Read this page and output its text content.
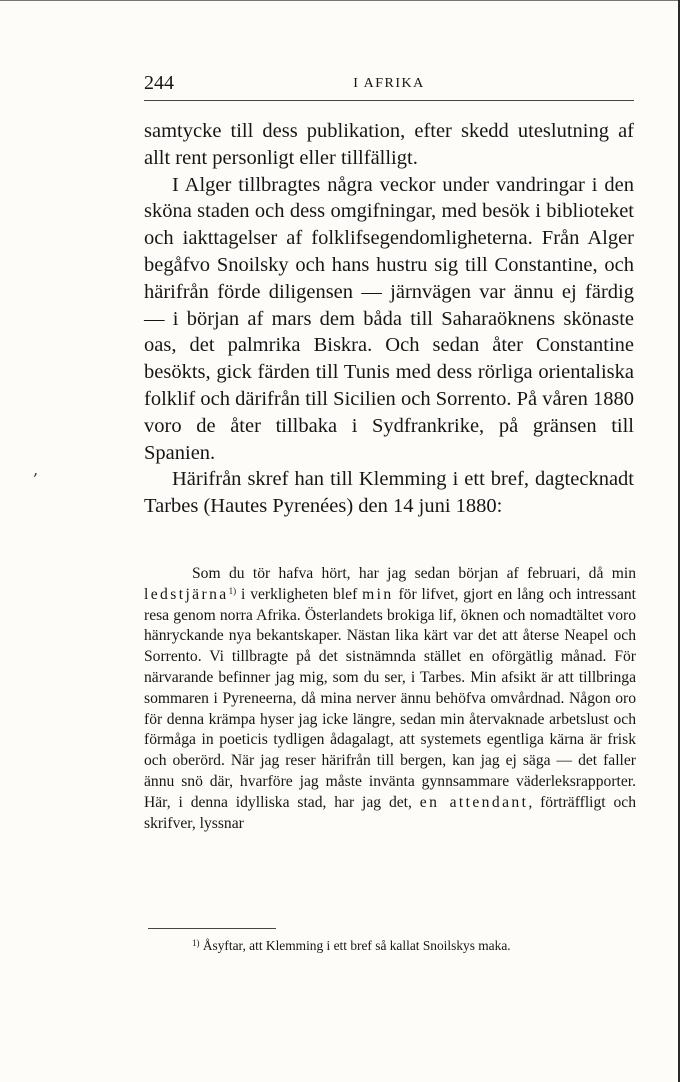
244	I AFRIKA
‚

samtycke till dess publikation, efter skedd uteslutning af allt rent personligt eller tillfälligt.

I Alger tillbragtes några veckor under vandringar i den sköna staden och dess omgifningar, med besök i biblioteket och iakttagelser af folklifsegendomligheterna. Från Alger begåfvo Snoilsky och hans hustru sig till Constantine, och härifrån förde diligensen — järnvägen var ännu ej färdig — i början af mars dem båda till Saharaöknens skönaste oas, det palmrika Biskra. Och sedan åter Constantine besökts, gick färden till Tunis med dess rörliga orientaliska folklif och därifrån till Sicilien och Sorrento. På våren 1880 voro de åter tillbaka i Sydfrankrike, på gränsen till Spanien.

Härifrån skref han till Klemming i ett bref, dagtecknadt Tarbes (Hautes Pyrenées) den 14 juni 1880:

Som du tör hafva hört, har jag sedan början af februari, då min ledstjärna$^{1)}$ i verkligheten blef min för lifvet, gjort en lång och intressant resa genom norra Afrika. Österlandets brokiga lif, öknen och nomadtältet voro hänryckande nya bekantskaper. Nästan lika kärt var det att återse Neapel och Sorrento. Vi tillbragte på det sistnämnda stället en oförgätlig månad. För närvarande befinner jag mig, som du ser, i Tarbes. Min afsikt är att tillbringa sommaren i Pyreneerna, då mina nerver ännu behöfva omvårdnad. Någon oro för denna krämpa hyser jag icke längre, sedan min återvaknade arbetslust och förmåga in poeticis tydligen ådagalagt, att systemets egentliga kärna är frisk och oberörd. När jag reser härifrån till bergen, kan jag ej säga — det faller ännu snö där, hvarföre jag måste invänta gynnsammare väderleksrapporter. Här, i denna idylliska stad, har jag det, en attendant, förträffligt och skrifver, lyssnar

$^{1)}$ Åsyftar, att Klemming i ett bref så kallat Snoilskys maka.
